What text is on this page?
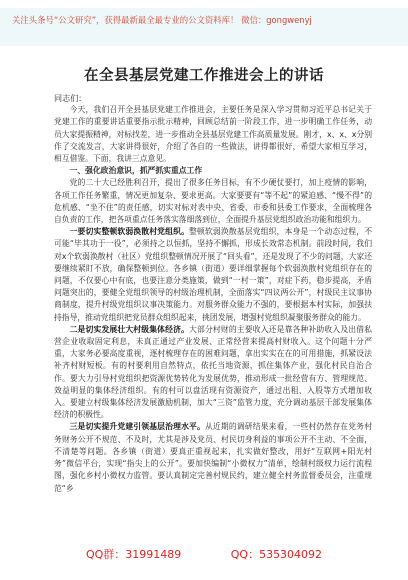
关注头条号“公文研究”，获得最新最全最专业的公文资料库！ 微信：gongwenyj
在全县基层党建工作推进会上的讲话

同志们：

今天，我们召开全县基层党建工作推进会，主要任务是深入学习贯彻习近平总书记关于党建工作的重要讲话重要指示批示精神，回顾总结前一阶段工作，进一步明确工作任务，动员大家提振精神，对标找差，进一步推动全县基层党建工作高质量发展。刚才，x、x、x分别作了交流发言，大家讲得很好，介绍了各自的一些做法，讲得都很好，希望大家相互学习，相互借鉴。下面，我讲三点意见。

一、强化政治意识，抓严抓实重点工作

党的二十大已经胜利召开，提出了很多任务目标，有不少硬仗要打，加上疫情的影响，各项工作任务繁重，情况更加复杂、要求更高。大家要要有“等不起”的紧迫感、“慢不得”的危机感、“坐不住”的责任感，切实对标对表中央、省委、市委和县委工作要求，全面梳理各自负责的工作，把各项重点任务落实落细落到位，全面提升基层党组织政治功能和组织力。

一要切实整顿软弱涣散村党组织。整顿软弱涣散基层党组织，本身是一个动态过程，不可能“毕其功于一役”，必须持之以恒抓，坚持不懈抓，形成长效常态机制。前段时间，我们对x个软弱涣散村（社区）党组织整顿情况开展了“回头看”，还是发现了不少的问题，大家还要继续紧盯不放，确保整顿到位。各乡镇（街道）要详细掌握每个软弱涣散村党组织存在的问题，不仅要心中有底，也要注意分类施策，做到“一村一策”，对症下药，稳步提高，矛盾问题突出的，要健全党组织领导的村级治理机制，全面落实“四议两公开”，村级民主议事协商制度，提升村级党组织议事决策能力。对服务群众能力不强的，要根据本村实际，加强扶持指导，推动党组织把党员群众组织起来，挑团发展，增强村党组织凝聚服务群众的能力。

二是切实发展壮大村级集体经济。大部分村财的主要收入还是靠各种补助收入及出借私营企业收取固定利息，未真正通过产业发展、正常经营来提高村财收入。这个问题十分严重，大家务必要高度重视，逐村梳理存在的困难问题，拿出实实在在的可用措施，抓紧设法补齐村财短板。有的村要利用自然特点，依托当地资源，抓住集体产业，强化村民自治合作。要大力引导村党组织把资源优势转化为发展优势，推动形成一批经营有方、管理规范、效益明显的集体经济组织。有的村可以盘活现有资源资产，通过出租、入股等方式增加收入。要建立村级集体经济发展激励机制，加大“三资”监管力度，充分调动基层干部发展集体经济的积极性。

三是切实提升党建引领基层治理水平。从近期的调研结果来看，一些村仍然存在党务村务财务公开不规范、不及时，尤其是涉及党员、村民切身利益的事项公开不主动、不全面，不清楚等问题。各乡镇（街道）要真正重视起来，扎实做好整改，用好“互联网+阳光村务”微信平台，实现“指尖上的公开”。要加快编制“小微权力”清单，绘制村级权力运行流程图，强化乡村小微权力监管。要认真制定完善村规民约，建立健全村务监督委员会，注重规范“乡

QQ群：31991489	QQ：535304092
